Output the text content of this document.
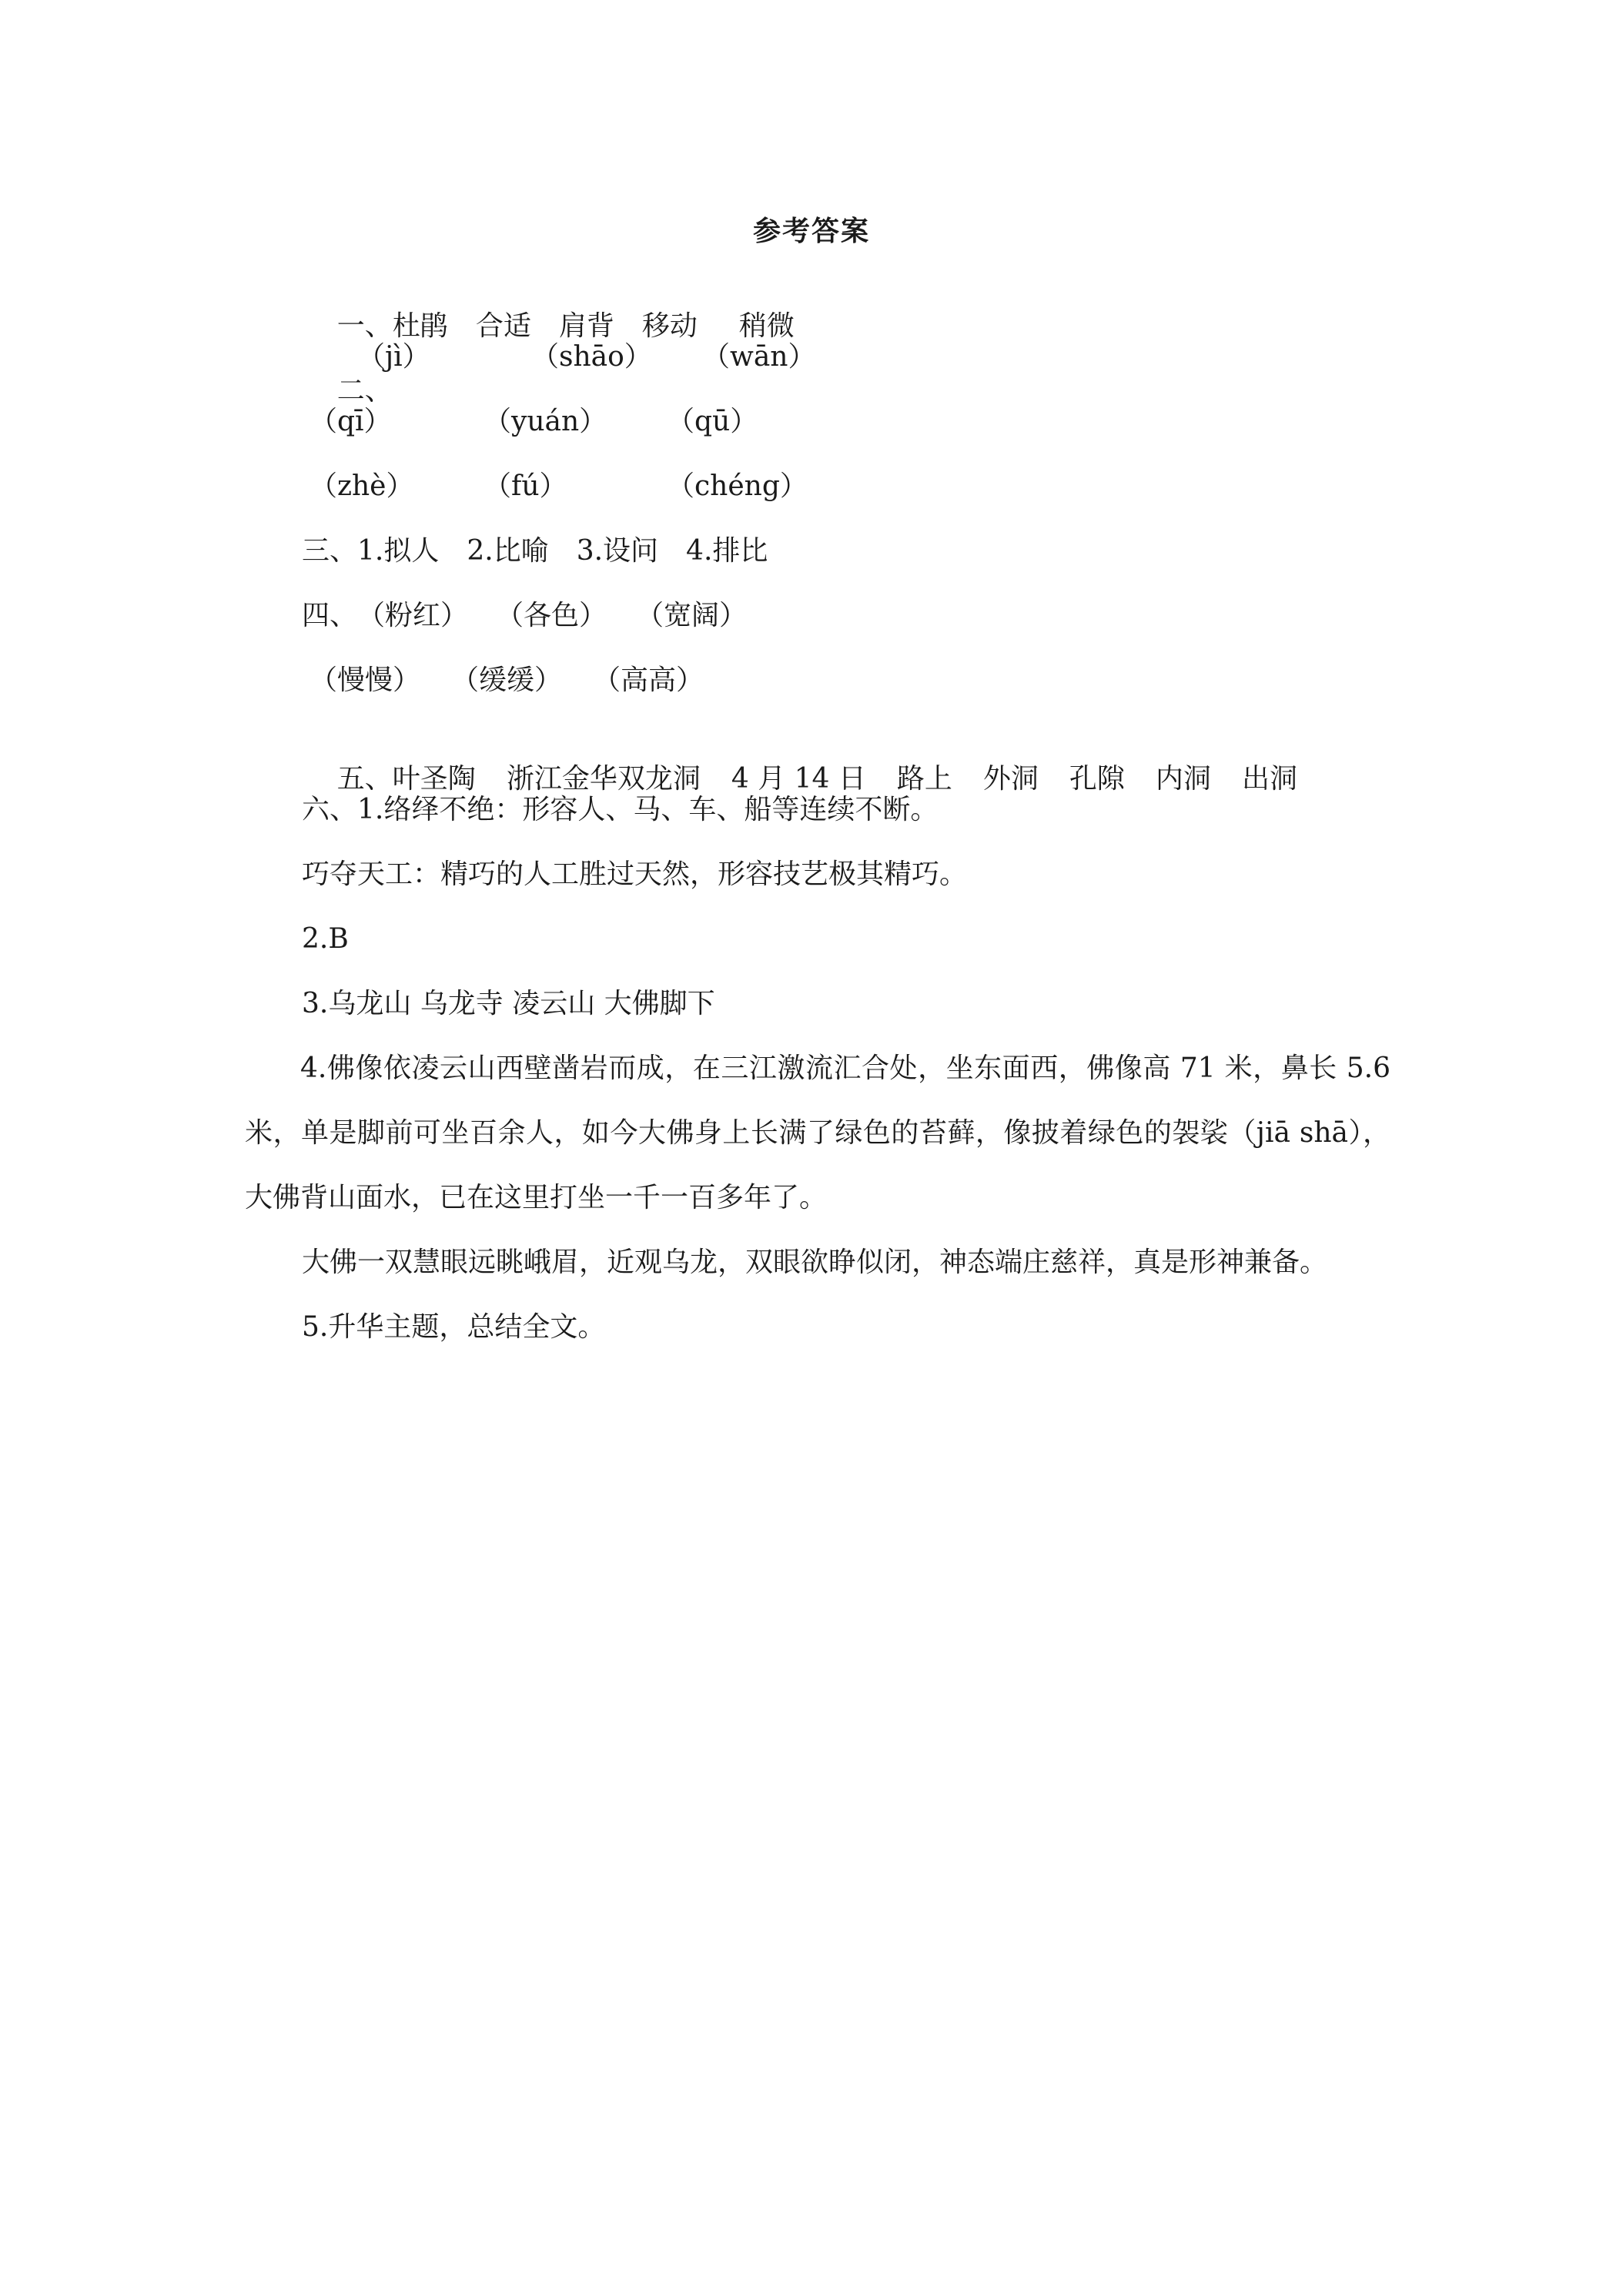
参考答案

一、杜鹃 合适 肩背 移动 稍微

二、

（jì）	（shāo） （wān）
（qī）	（yuán） （qū）
（zhè）	（fú）	（chéng）
三、1.拟人　2.比喻　3.设问　4.排比
四、 （粉红） （各色） （宽阔）
（慢慢） （缓缓） （高高）

五、叶圣陶 浙江金华双龙洞 4 月 14 日 路上 外洞 孔隙 内洞 出洞

六、1.络绎不绝：形容人、马、车、船等连续不断。
巧夺天工：精巧的人工胜过天然，形容技艺极其精巧。
2.B
3.乌龙山 乌龙寺 凌云山 大佛脚下
4.佛像依凌云山西壁凿岩而成，在三江激流汇合处，坐东面西，佛像高 71 米，鼻长 5.6 米，单是脚前可坐百余人，如今大佛身上长满了绿色的苔藓，像披着绿色的袈裟（jiā shā），大佛背山面水，已在这里打坐一千一百多年了。
大佛一双慧眼远眺峨眉，近观乌龙，双眼欲睁似闭，神态端庄慈祥，真是形神兼备。
5.升华主题，总结全文。
